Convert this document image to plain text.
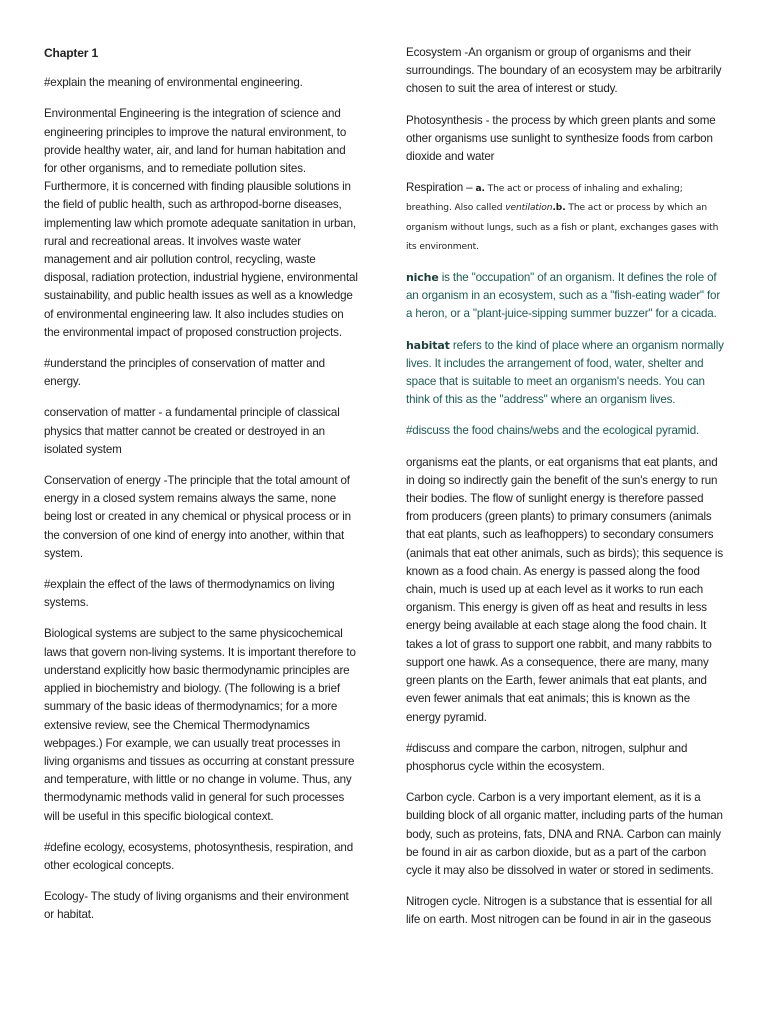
Chapter 1

#explain the meaning of environmental engineering.

Environmental Engineering is the integration of science and engineering principles to improve the natural environment, to provide healthy water, air, and land for human habitation and for other organisms, and to remediate pollution sites. Furthermore, it is concerned with finding plausible solutions in the field of public health, such as arthropod-borne diseases, implementing law which promote adequate sanitation in urban, rural and recreational areas. It involves waste water management and air pollution control, recycling, waste disposal, radiation protection, industrial hygiene, environmental sustainability, and public health issues as well as a knowledge of environmental engineering law. It also includes studies on the environmental impact of proposed construction projects.

#understand the principles of conservation of matter and energy.

conservation of matter - a fundamental principle of classical physics that matter cannot be created or destroyed in an isolated system

Conservation of energy -The principle that the total amount of energy in a closed system remains always the same, none being lost or created in any chemical or physical process or in the conversion of one kind of energy into another, within that system.

#explain the effect of the laws of thermodynamics on living systems.

Biological systems are subject to the same physicochemical laws that govern non-living systems. It is important therefore to understand explicitly how basic thermodynamic principles are applied in biochemistry and biology. (The following is a brief summary of the basic ideas of thermodynamics; for a more extensive review, see the Chemical Thermodynamics webpages.) For example, we can usually treat processes in living organisms and tissues as occurring at constant pressure and temperature, with little or no change in volume. Thus, any thermodynamic methods valid in general for such processes will be useful in this specific biological context.

#define ecology, ecosystems, photosynthesis, respiration, and other ecological concepts.

Ecology- The study of living organisms and their environment or habitat.

Ecosystem -An organism or group of organisms and their surroundings. The boundary of an ecosystem may be arbitrarily chosen to suit the area of interest or study.

Photosynthesis - the process by which green plants and some other organisms use sunlight to synthesize foods from carbon dioxide and water

Respiration – a. The act or process of inhaling and exhaling; breathing. Also called ventilation.b. The act or process by which an organism without lungs, such as a fish or plant, exchanges gases with its environment.

niche is the "occupation" of an organism. It defines the role of an organism in an ecosystem, such as a "fish-eating wader" for a heron, or a "plant-juice-sipping summer buzzer" for a cicada.

habitat refers to the kind of place where an organism normally lives. It includes the arrangement of food, water, shelter and space that is suitable to meet an organism's needs. You can think of this as the "address" where an organism lives.

#discuss the food chains/webs and the ecological pyramid.

organisms eat the plants, or eat organisms that eat plants, and in doing so indirectly gain the benefit of the sun's energy to run their bodies. The flow of sunlight energy is therefore passed from producers (green plants) to primary consumers (animals that eat plants, such as leafhoppers) to secondary consumers (animals that eat other animals, such as birds); this sequence is known as a food chain. As energy is passed along the food chain, much is used up at each level as it works to run each organism. This energy is given off as heat and results in less energy being available at each stage along the food chain. It takes a lot of grass to support one rabbit, and many rabbits to support one hawk. As a consequence, there are many, many green plants on the Earth, fewer animals that eat plants, and even fewer animals that eat animals; this is known as the energy pyramid.

#discuss and compare the carbon, nitrogen, sulphur and phosphorus cycle within the ecosystem.

Carbon cycle. Carbon is a very important element, as it is a building block of all organic matter, including parts of the human body, such as proteins, fats, DNA and RNA. Carbon can mainly be found in air as carbon dioxide, but as a part of the carbon cycle it may also be dissolved in water or stored in sediments.

Nitrogen cycle. Nitrogen is a substance that is essential for all life on earth. Most nitrogen can be found in air in the gaseous
